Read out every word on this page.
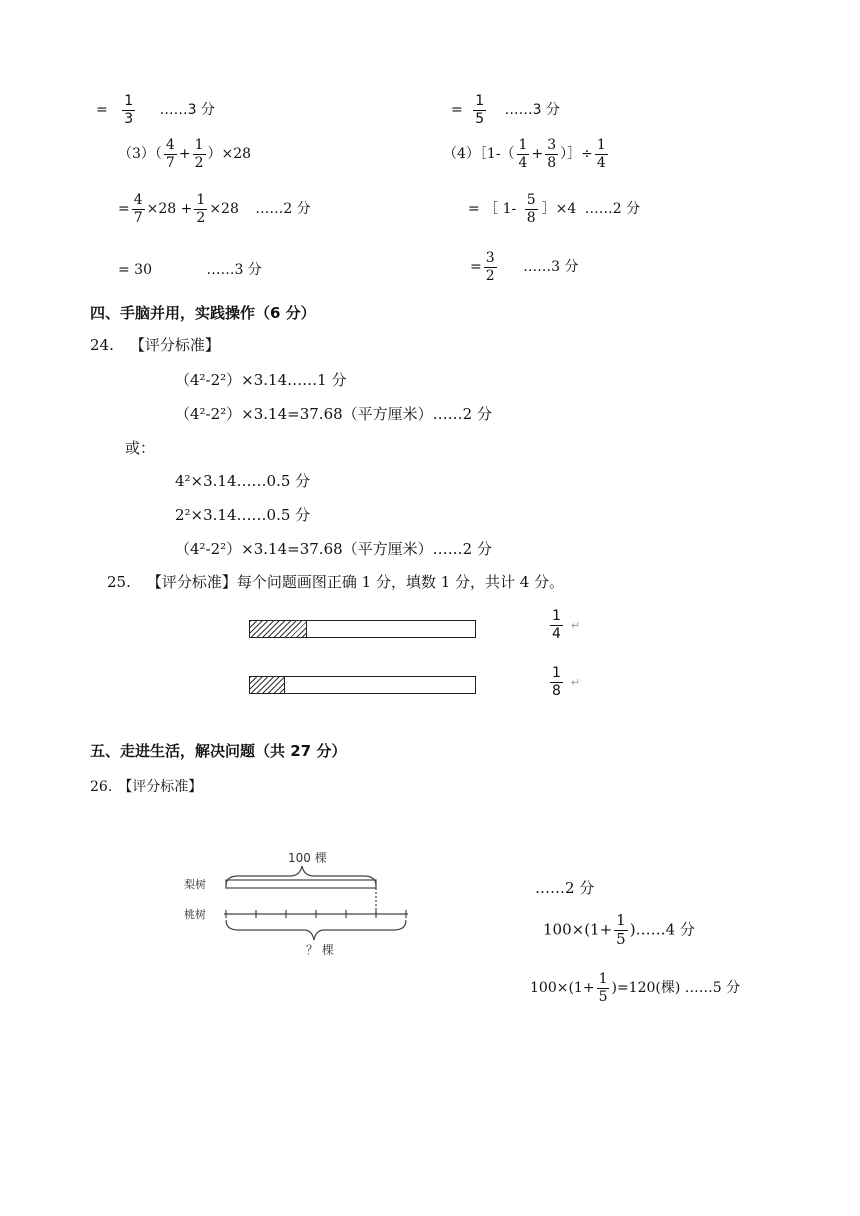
= $\frac{1}{3}$ ……3 分	= $\frac{1}{5}$ ……3 分
$(3)( \frac{4}{7} + \frac{1}{2} )\times 28$	（4）［1-（ $\frac{1}{4} + \frac{3}{8}$ ）］÷ $\frac{1}{4}$
= $\frac{4}{7} \times 28 + \frac{1}{2} \times 28$ ……2 分	= ［ $1- \frac{5}{8}$ ］×4 ……2 分
= 30	……3 分	= $\frac{3}{2}$ ……3 分
四、手脑并用，实践操作（6 分）
24. 【评分标准】
（4²-2²）×3.14……1 分
（4²-2²）×3.14=37.68（平方厘米）……2 分
或：
4²×3.14……0.5 分
2²×3.14……0.5 分
（4²-2²）×3.14=37.68（平方厘米）……2 分
25. 【评分标准】每个问题画图正确 1 分，填数 1 分，共计 4 分。
$\frac{1}{4}$ ↵
$\frac{1}{8}$ ↵
五、走进生活，解决问题（共 27 分）
26. 【评分标准】
100 棵
梨树
桃树
？ 棵
……2 分
$100\times(1+ \frac{1}{5}$ )……4 分
$100\times(1+ \frac{1}{5} )=120$(棵) ……5 分
